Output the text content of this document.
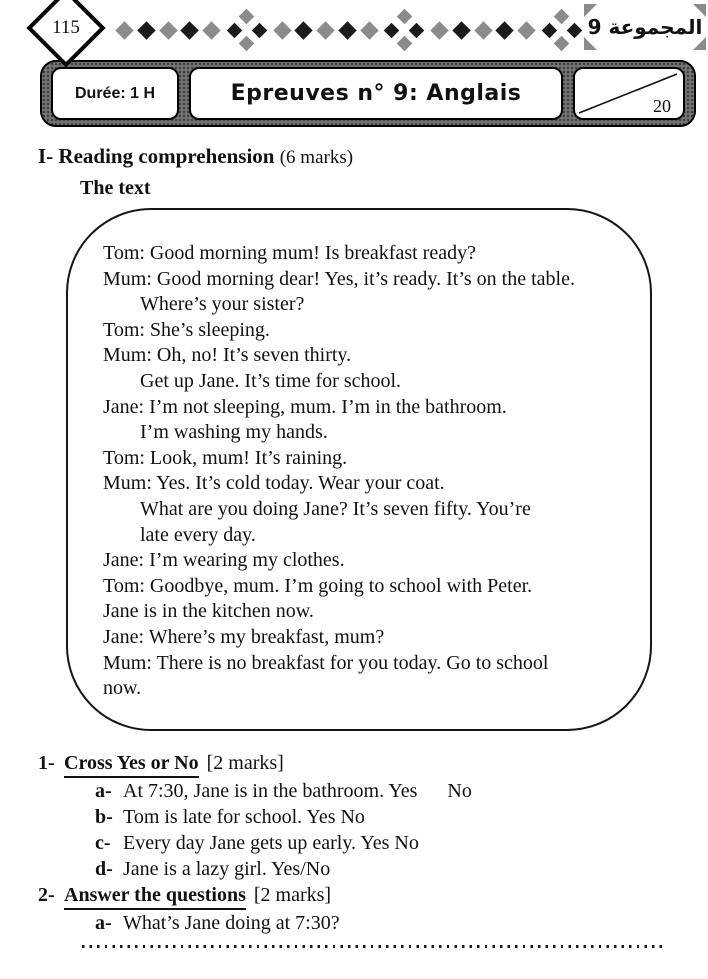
115	المجموعة 9
Durée: 1 H	Epreuves n° 9: Anglais	20
I- Reading comprehension (6 marks)
The text
Tom: Good morning mum! Is breakfast ready?
Mum: Good morning dear! Yes, it’s ready. It’s on the table.
Where’s your sister?
Tom: She’s sleeping.
Mum: Oh, no! It’s seven thirty.
Get up Jane. It’s time for school.
Jane: I’m not sleeping, mum. I’m in the bathroom.
I’m washing my hands.
Tom: Look, mum! It’s raining.
Mum: Yes. It’s cold today. Wear your coat.
What are you doing Jane? It’s seven fifty. You’re
late every day.
Jane: I’m wearing my clothes.
Tom: Goodbye, mum. I’m going to school with Peter.
Jane is in the kitchen now.
Jane: Where’s my breakfast, mum?
Mum: There is no breakfast for you today. Go to school
now.
1- Cross Yes or No [2 marks]
a- At 7:30, Jane is in the bathroom. Yes      No
b- Tom is late for school. Yes No
c- Every day Jane gets up early. Yes No
d- Jane is a lazy girl. Yes/No
2- Answer the questions [2 marks]
a- What’s Jane doing at 7:30?
